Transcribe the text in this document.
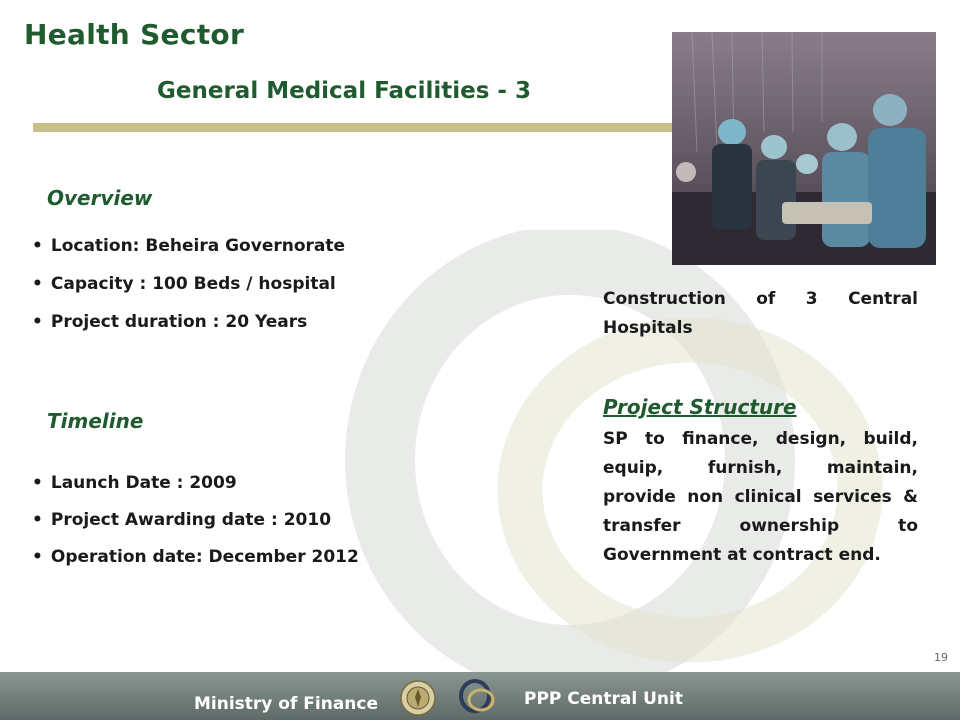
Health Sector
General Medical Facilities - 3
Overview
• Location: Beheira Governorate
• Capacity : 100 Beds / hospital
• Project duration : 20 Years
Timeline
• Launch Date : 2009
• Project Awarding date : 2010
• Operation date: December 2012
Construction of 3 Central Hospitals
Project Structure
SP to finance, design, build, equip, furnish, maintain, provide non clinical services & transfer ownership to Government at contract end.
19
Ministry of Finance	PPP Central Unit
